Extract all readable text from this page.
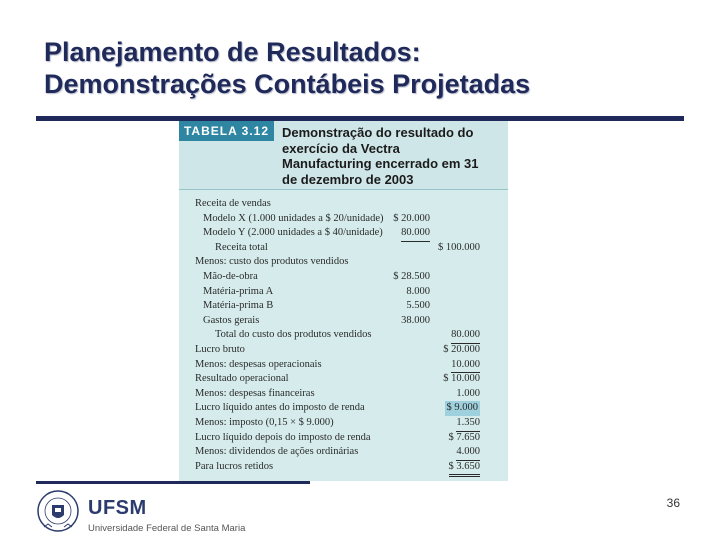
Planejamento de Resultados:
Demonstrações Contábeis Projetadas
TABELA 3.12	Demonstração do resultado do
exercício da Vectra
Manufacturing encerrado em 31
de dezembro de 2003
Receita de vendas
Modelo X (1.000 unidades a $ 20/unidade) $ 20.000
Modelo Y (2.000 unidades a $ 40/unidade) 80.000
Receita total	$ 100.000
Menos: custo dos produtos vendidos
Mão-de-obra	$ 28.500
Matéria-prima A	8.000
Matéria-prima B	5.500
Gastos gerais	38.000
Total do custo dos produtos vendidos	80.000
Lucro bruto	$ 20.000
Menos: despesas operacionais	10.000
Resultado operacional	$ 10.000
Menos: despesas financeiras	1.000
Lucro líquido antes do imposto de renda	$ 9.000
Menos: imposto (0,15 × $ 9.000)	1.350
Lucro líquido depois do imposto de renda	$ 7.650
Menos: dividendos de ações ordinárias	4.000
Para lucros retidos	$ 3.650
UFSM
Universidade Federal de Santa Maria
36
